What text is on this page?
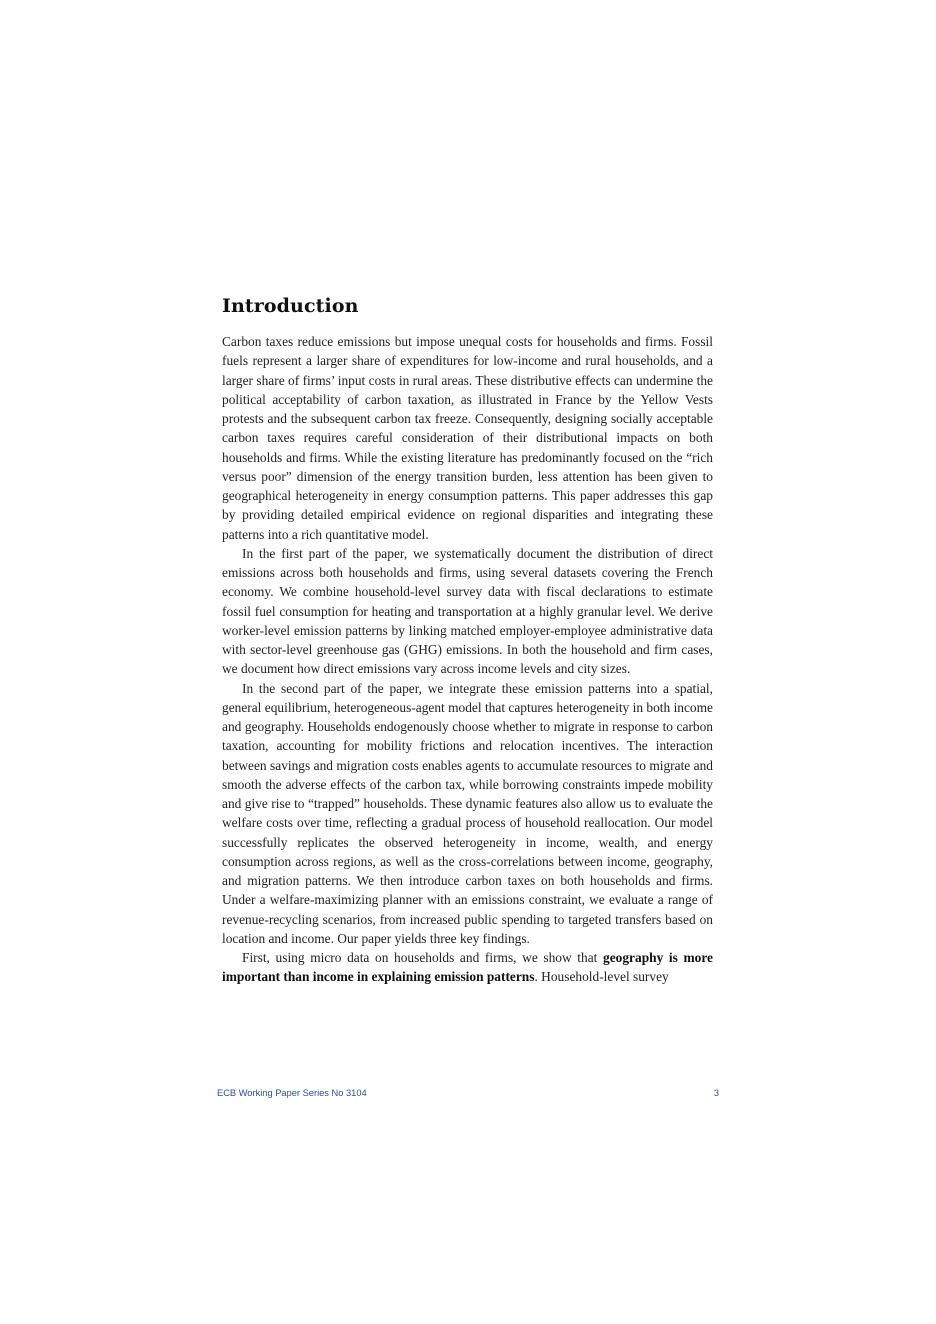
Introduction

Carbon taxes reduce emissions but impose unequal costs for households and firms. Fossil fuels represent a larger share of expenditures for low-income and rural households, and a larger share of firms’ input costs in rural areas. These distributive effects can undermine the political acceptability of carbon taxation, as illustrated in France by the Yellow Vests protests and the subsequent carbon tax freeze. Consequently, designing socially acceptable carbon taxes requires careful consideration of their distributional impacts on both households and firms. While the existing literature has predominantly focused on the “rich versus poor” dimension of the energy transition burden, less attention has been given to geographical heterogeneity in energy consumption patterns. This paper addresses this gap by providing detailed empirical evidence on regional disparities and integrating these patterns into a rich quantitative model.

In the first part of the paper, we systematically document the distribution of direct emissions across both households and firms, using several datasets covering the French economy. We combine household-level survey data with fiscal declarations to estimate fossil fuel consumption for heating and transportation at a highly granular level. We derive worker-level emission patterns by linking matched employer-employee administrative data with sector-level greenhouse gas (GHG) emissions. In both the household and firm cases, we document how direct emissions vary across income levels and city sizes.

In the second part of the paper, we integrate these emission patterns into a spatial, general equilibrium, heterogeneous-agent model that captures heterogeneity in both income and geography. Households endogenously choose whether to migrate in response to carbon taxation, accounting for mobility frictions and relocation incentives. The interaction between savings and migration costs enables agents to accumulate resources to migrate and smooth the adverse effects of the carbon tax, while borrowing constraints impede mobility and give rise to “trapped” households. These dynamic features also allow us to evaluate the welfare costs over time, reflecting a gradual process of household reallocation. Our model successfully replicates the observed heterogeneity in income, wealth, and energy consumption across regions, as well as the cross-correlations between income, geography, and migration patterns. We then introduce carbon taxes on both households and firms. Under a welfare-maximizing planner with an emissions constraint, we evaluate a range of revenue-recycling scenarios, from increased public spending to targeted transfers based on location and income. Our paper yields three key findings.

First, using micro data on households and firms, we show that geography is more important than income in explaining emission patterns. Household-level survey

ECB Working Paper Series No 3104	3
